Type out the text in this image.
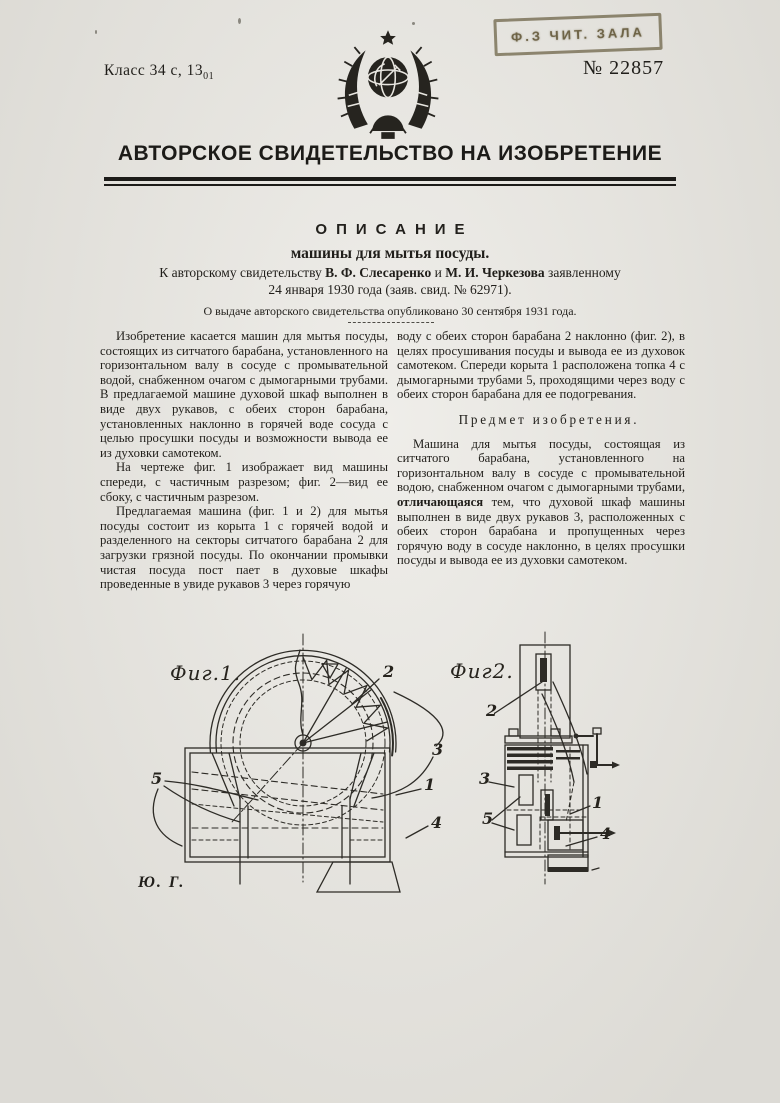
Ф.З ЧИТ. ЗАЛА
Класс 34 с, $13_{01}$	№ 22857
АВТОРСКОЕ СВИДЕТЕЛЬСТВО НА ИЗОБРЕТЕНИЕ
ОПИСАНИЕ
машины для мытья посуды.
К авторскому свидетельству В. Ф. Слесаренко и М. И. Черкезова заявленному
24 января 1930 года (заяв. свид. № 62971).
О выдаче авторского свидетельства опубликовано 30 сентября 1931 года.

Изобретение касается машин для мытья посуды, состоящих из ситчатого барабана, установленного на горизонтальном валу в сосуде с промывательной водой, снабженном очагом с дымогарными трубами. В предлагаемой машине духовой шкаф выполнен в виде двух рукавов, с обеих сторон барабана, установленных наклонно в горячей воде сосуда с целью просушки посуды и возможности вывода ее из духовки самотеком.

На чертеже фиг. 1 изображает вид машины спереди, с частичным разрезом; фиг. 2—вид ее сбоку, с частичным разрезом.

Предлагаемая машина (фиг. 1 и 2) для мытья посуды состоит из корыта 1 с горячей водой и разделенного на секторы ситчатого барабана 2 для загрузки грязной посуды. По окончании промывки чистая посуда пост пает в духовые шкафы проведенные в увиде рукавов 3 через горячую

воду с обеих сторон барабана 2 наклонно (фиг. 2), в целях просушивания посуды и вывода ее из духовок самотеком. Спереди корыта 1 расположена топка 4 с дымогарными трубами 5, проходящими через воду с обеих сторон барабана для ее подогревания.

Предмет изобретения.

Машина для мытья посуды, состоящая из ситчатого барабана, установленного на горизонтальном валу в сосуде с промывательной водою, снабженном очагом с дымогарными трубами, отличающаяся тем, что духовой шкаф машины выполнен в виде двух рукавов 3, расположенных с обеих сторон барабана и пропущенных через горячую воду в сосуде наклонно, в целях просушки посуды и вывода ее из духовки самотеком.

Фиг.1.	2
3
1
4
5
Фиг2.
2
3
5
1
4
Ю. Г.
